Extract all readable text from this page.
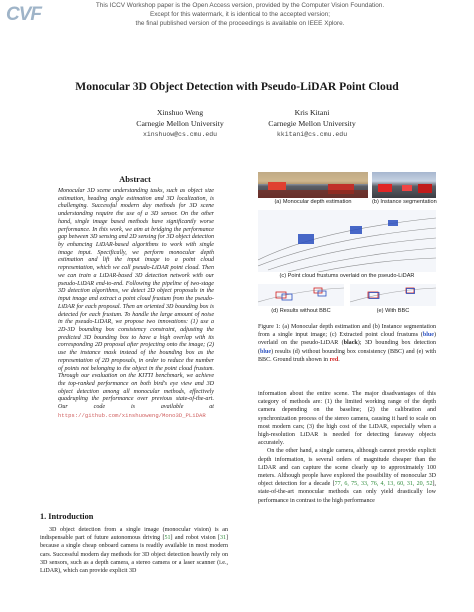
CVF	This ICCV Workshop paper is the Open Access version, provided by the Computer Vision Foundation.
Except for this watermark, it is identical to the accepted version;
the final published version of the proceedings is available on IEEE Xplore.
Monocular 3D Object Detection with Pseudo-LiDAR Point Cloud
Xinshuo Weng
Carnegie Mellon University
xinshuow@cs.cmu.edu
Kris Kitani
Carnegie Mellon University
kkitani@cs.cmu.edu
Abstract
Monocular 3D scene understanding tasks, such as object size estimation, heading angle estimation and 3D localization, is challenging. Successful modern day methods for 3D scene understanding require the use of a 3D sensor. On the other hand, single image based methods have significantly worse performance. In this work, we aim at bridging the performance gap between 3D sensing and 2D sensing for 3D object detection by enhancing LiDAR-based algorithms to work with single image input. Specifically, we perform monocular depth estimation and lift the input image to a point cloud representation, which we call pseudo-LiDAR point cloud. Then we can train a LiDAR-based 3D detection network with our pseudo-LiDAR end-to-end. Following the pipeline of two-stage 3D detection algorithms, we detect 2D object proposals in the input image and extract a point cloud frustum from the pseudo-LiDAR for each proposal. Then an oriented 3D bounding box is detected for each frustum. To handle the large amount of noise in the pseudo-LiDAR, we propose two innovations: (1) use a 2D-3D bounding box consistency constraint, adjusting the predicted 3D bounding box to have a high overlap with its corresponding 2D proposal after projecting onto the image; (2) use the instance mask instead of the bounding box as the representation of 2D proposals, in order to reduce the number of points not belonging to the object in the point cloud frustum. Through our evaluation on the KITTI benchmark, we achieve the top-ranked performance on both bird's eye view and 3D object detection among all monocular methods, effectively quadrupling the performance over previous state-of-the-art. Our code is available at https://github.com/xinshuoweng/Mono3D_PLiDAR
1. Introduction
3D object detection from a single image (monocular vision) is an indispensable part of future autonomous driving [51] and robot vision [31] because a single cheap onboard camera is readily available in most modern cars. Successful modern day methods for 3D object detection heavily rely on 3D sensors, such as a depth camera, a stereo camera or a laser scanner (i.e., LiDAR), which can provide explicit 3D
(a) Monocular depth estimation	(b) Instance segmentation
(c) Point cloud frustums overlaid on the pseudo-LiDAR
(d) Results without BBC	(e) With BBC
Figure 1: (a) Monocular depth estimation and (b) Instance segmentation from a single input image; (c) Extracted point cloud frustums (blue) overlaid on the pseudo-LiDAR (black); 3D bounding box detection (blue) results (d) without bounding box consistency (BBC) and (e) with BBC. Ground truth shown in red.

information about the entire scene. The major disadvantages of this category of methods are: (1) the limited working range of the depth camera depending on the baseline; (2) the calibration and synchronization process of the stereo camera, causing it hard to scale on most modern cars; (3) the high cost of the LiDAR, especially when a high-resolution LiDAR is needed for detecting faraway objects accurately.

On the other hand, a single camera, although cannot provide explicit depth information, is several orders of magnitude cheaper than the LiDAR and can capture the scene clearly up to approximately 100 meters. Although people have explored the possibility of monocular 3D object detection for a decade [77, 6, 75, 33, 76, 4, 13, 60, 31, 20, 52], state-of-the-art monocular methods can only yield drastically low performance in contrast to the high performance
